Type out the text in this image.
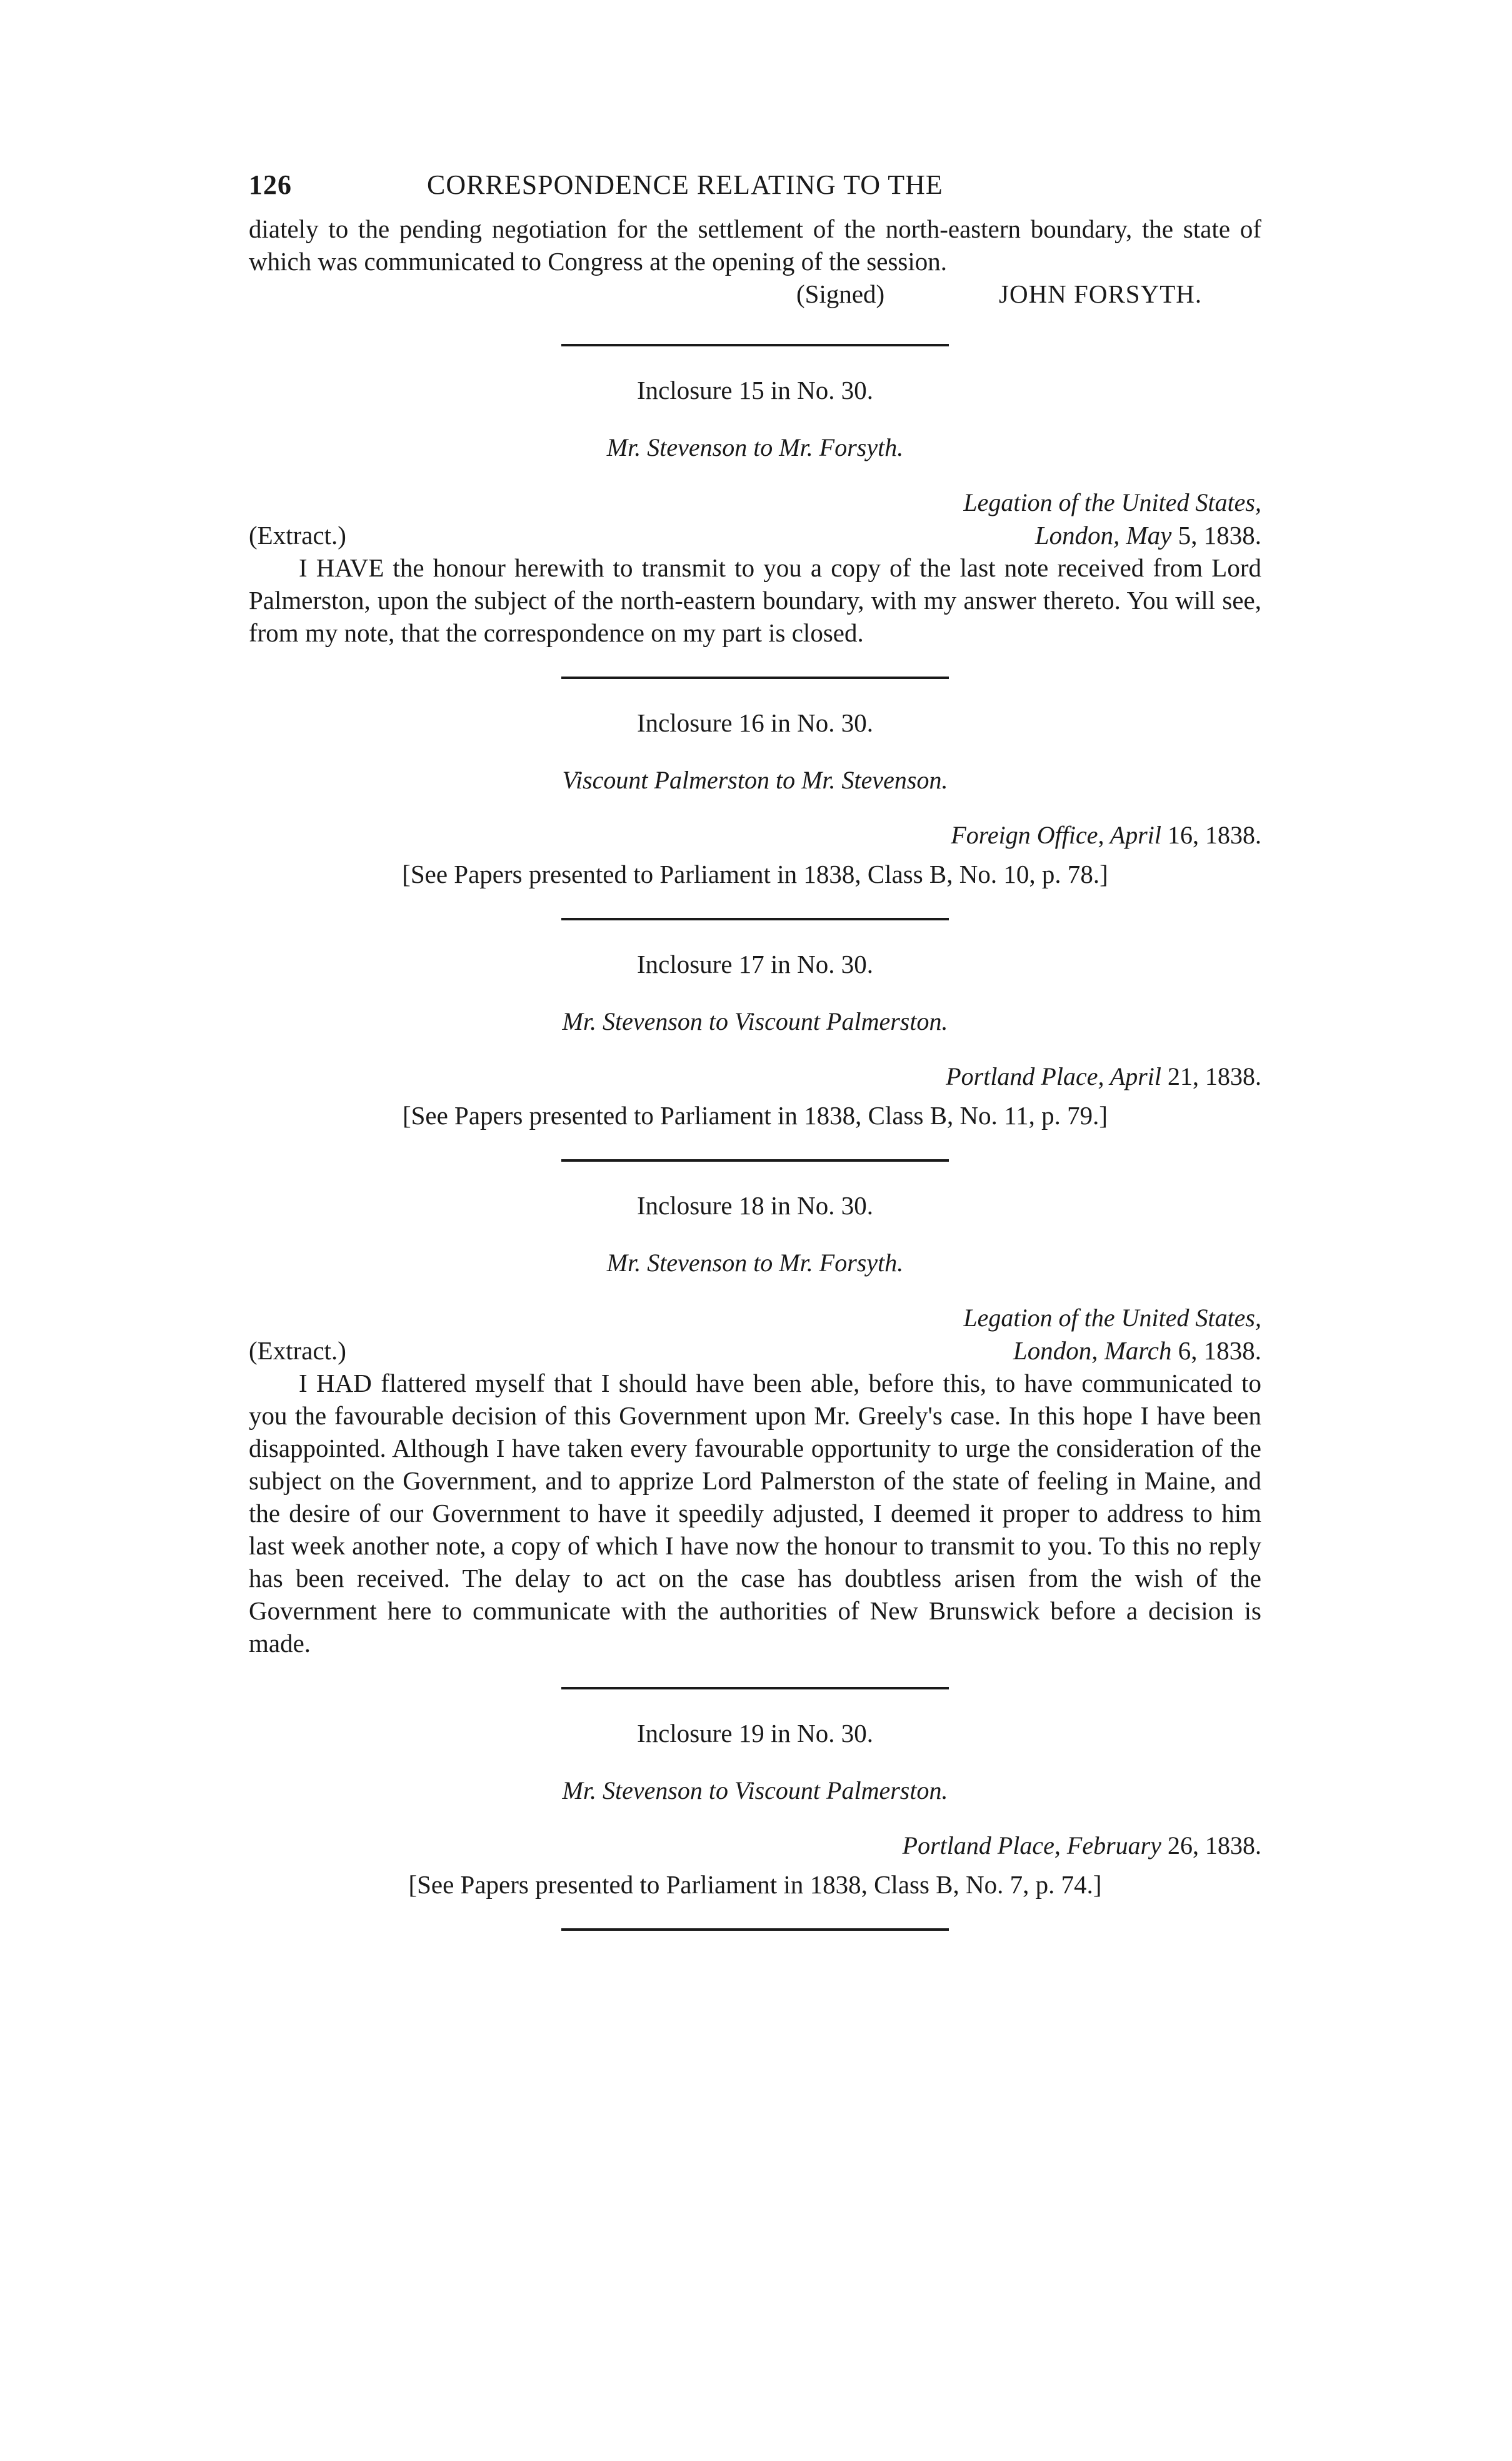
126	CORRESPONDENCE RELATING TO THE

diately to the pending negotiation for the settlement of the north-eastern boundary, the state of which was communicated to Congress at the opening of the session.

(Signed)	JOHN FORSYTH.

Inclosure 15 in No. 30.

Mr. Stevenson to Mr. Forsyth.

Legation of the United States,

(Extract.)	London, May 5, 1838.

I HAVE the honour herewith to transmit to you a copy of the last note received from Lord Palmerston, upon the subject of the north-eastern boundary, with my answer thereto. You will see, from my note, that the correspondence on my part is closed.

Inclosure 16 in No. 30.

Viscount Palmerston to Mr. Stevenson.

Foreign Office, April 16, 1838.

[See Papers presented to Parliament in 1838, Class B, No. 10, p. 78.]

Inclosure 17 in No. 30.

Mr. Stevenson to Viscount Palmerston.

Portland Place, April 21, 1838.

[See Papers presented to Parliament in 1838, Class B, No. 11, p. 79.]

Inclosure 18 in No. 30.

Mr. Stevenson to Mr. Forsyth.

Legation of the United States,

(Extract.)	London, March 6, 1838.

I HAD flattered myself that I should have been able, before this, to have communicated to you the favourable decision of this Government upon Mr. Greely's case. In this hope I have been disappointed. Although I have taken every favourable opportunity to urge the consideration of the subject on the Government, and to apprize Lord Palmerston of the state of feeling in Maine, and the desire of our Government to have it speedily adjusted, I deemed it proper to address to him last week another note, a copy of which I have now the honour to transmit to you. To this no reply has been received. The delay to act on the case has doubtless arisen from the wish of the Government here to communicate with the authorities of New Brunswick before a decision is made.

Inclosure 19 in No. 30.

Mr. Stevenson to Viscount Palmerston.

Portland Place, February 26, 1838.

[See Papers presented to Parliament in 1838, Class B, No. 7, p. 74.]
